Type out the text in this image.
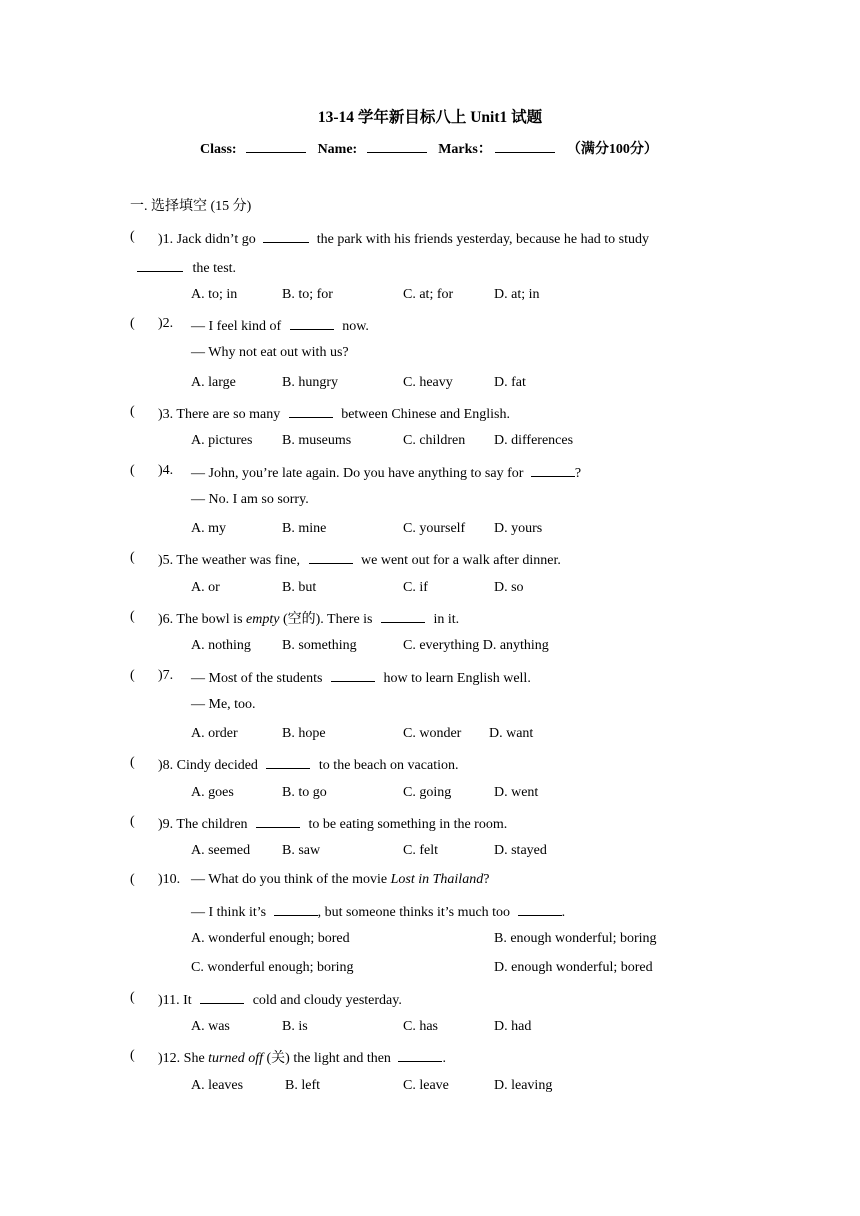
13-14 学年新目标八上 Unit1 试题
Class:	Name:	Marks：	（满分100分）
一. 选择填空 (15 分)
( )1. Jack didn’t go	the park with his friends yesterday, because he had to study
the test.
A. to; in	B. to; for	C. at; for	D. at; in
( )2. — I feel kind of	now.
— Why not eat out with us?
A. large	B. hungry	C. heavy	D. fat
( )3. There are so many	between Chinese and English.
A. pictures B. museums	C. children D. differences
( )4. — John, you’re late again. Do you have anything to say for	?
— No. I am so sorry.
A. my	B. mine	C. yourself D. yours
( )5. The weather was fine,	we went out for a walk after dinner.
A. or	B. but	C. if	D. so
( )6. The bowl is empty (空的). There is	in it.
A. nothing B. something	C. everything D. anything
( )7. — Most of the students	how to learn English well.
— Me, too.
A. order	B. hope	C. wonder D. want
( )8. Cindy decided	to the beach on vacation.
A. goes	B. to go	C. going	D. went
( )9. The children	to be eating something in the room.
A. seemed B. saw	C. felt	D. stayed
( )10. — What do you think of the movie Lost in Thailand?
— I think it’s	, but someone thinks it’s much too	.
A. wonderful enough; bored	B. enough wonderful; boring
C. wonderful enough; boring	D. enough wonderful; bored
( )11. It	cold and cloudy yesterday.
A. was	B. is	C. has	D. had
( )12. She turned off (关) the light and then	.
A. leaves	B. left	C. leave	D. leaving
